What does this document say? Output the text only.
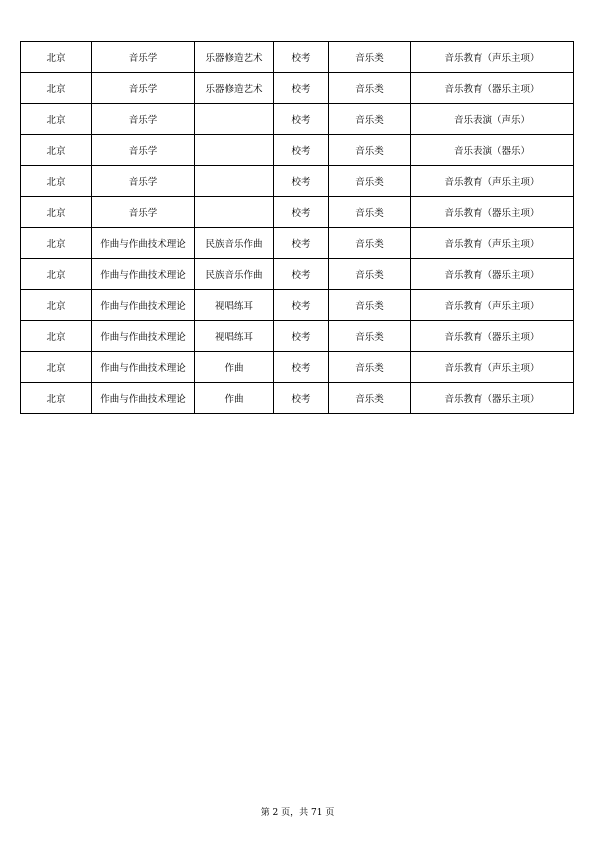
北京	音乐学	乐器修造艺术	校考	音乐类	音乐教育（声乐主项）
北京	音乐学	乐器修造艺术	校考	音乐类	音乐教育（器乐主项）
北京	音乐学		校考	音乐类	音乐表演（声乐）
北京	音乐学		校考	音乐类	音乐表演（器乐）
北京	音乐学		校考	音乐类	音乐教育（声乐主项）
北京	音乐学		校考	音乐类	音乐教育（器乐主项）
北京	作曲与作曲技术理论	民族音乐作曲	校考	音乐类	音乐教育（声乐主项）
北京	作曲与作曲技术理论	民族音乐作曲	校考	音乐类	音乐教育（器乐主项）
北京	作曲与作曲技术理论	视唱练耳	校考	音乐类	音乐教育（声乐主项）
北京	作曲与作曲技术理论	视唱练耳	校考	音乐类	音乐教育（器乐主项）
北京	作曲与作曲技术理论	作曲	校考	音乐类	音乐教育（声乐主项）
北京	作曲与作曲技术理论	作曲	校考	音乐类	音乐教育（器乐主项）
第 2 页，共 71 页
